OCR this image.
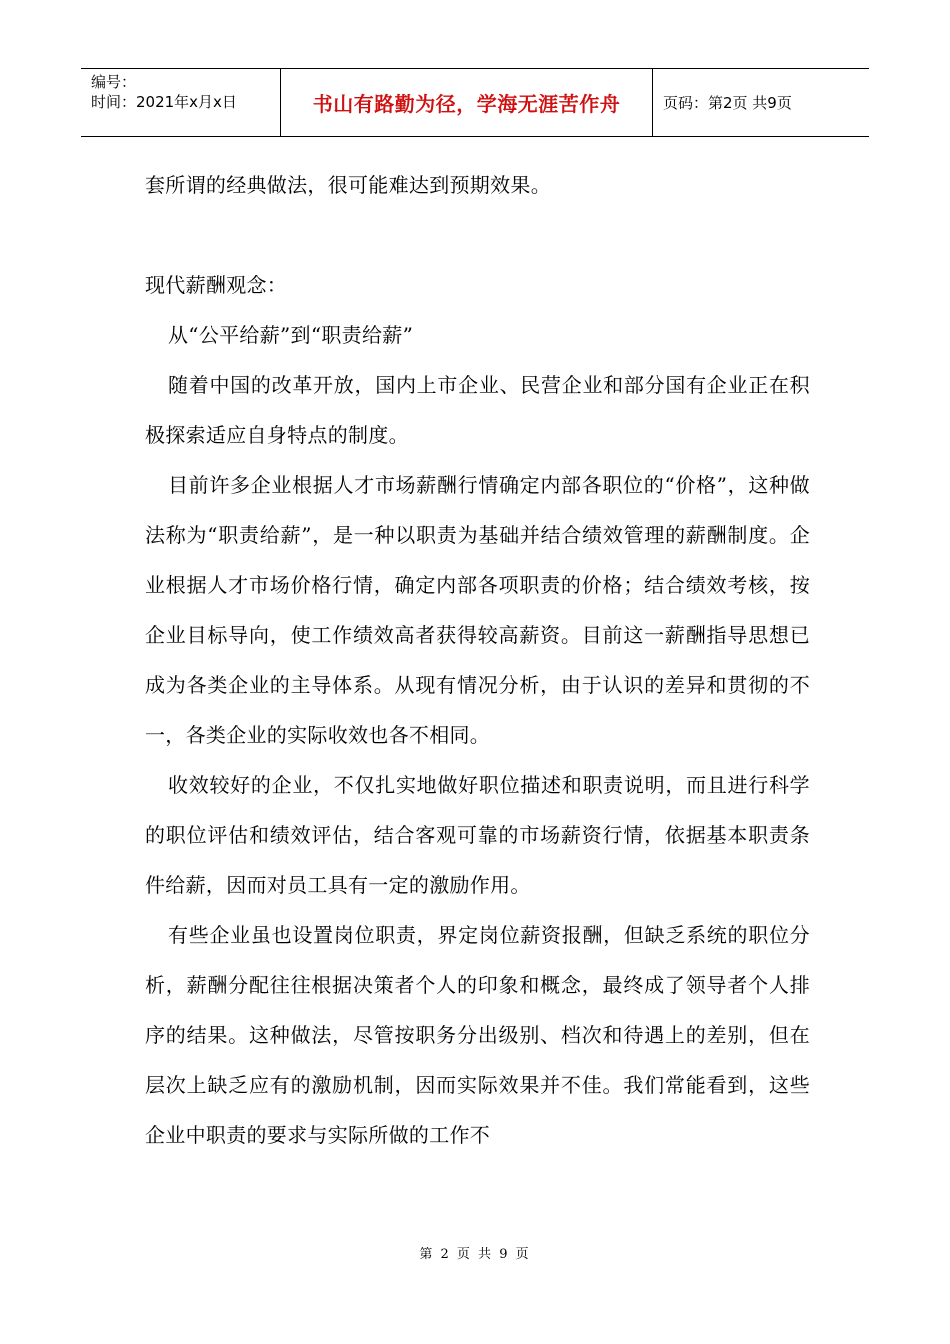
编号：
时间：2021年x月x日	书山有路勤为径，学海无涯苦作舟	页码：第2页 共9页

套所谓的经典做法，很可能难达到预期效果。

现代薪酬观念：

从“公平给薪”到“职责给薪”

随着中国的改革开放，国内上市企业、民营企业和部分国有企业正在积极探索适应自身特点的制度。

目前许多企业根据人才市场薪酬行情确定内部各职位的“价格”，这种做法称为“职责给薪”，是一种以职责为基础并结合绩效管理的薪酬制度。企业根据人才市场价格行情，确定内部各项职责的价格；结合绩效考核，按企业目标导向，使工作绩效高者获得较高薪资。目前这一薪酬指导思想已成为各类企业的主导体系。从现有情况分析，由于认识的差异和贯彻的不一，各类企业的实际收效也各不相同。

收效较好的企业，不仅扎实地做好职位描述和职责说明，而且进行科学的职位评估和绩效评估，结合客观可靠的市场薪资行情，依据基本职责条件给薪，因而对员工具有一定的激励作用。

有些企业虽也设置岗位职责，界定岗位薪资报酬，但缺乏系统的职位分析，薪酬分配往往根据决策者个人的印象和概念，最终成了领导者个人排序的结果。这种做法，尽管按职务分出级别、档次和待遇上的差别，但在层次上缺乏应有的激励机制，因而实际效果并不佳。我们常能看到，这些企业中职责的要求与实际所做的工作不

第 2 页 共 9 页
